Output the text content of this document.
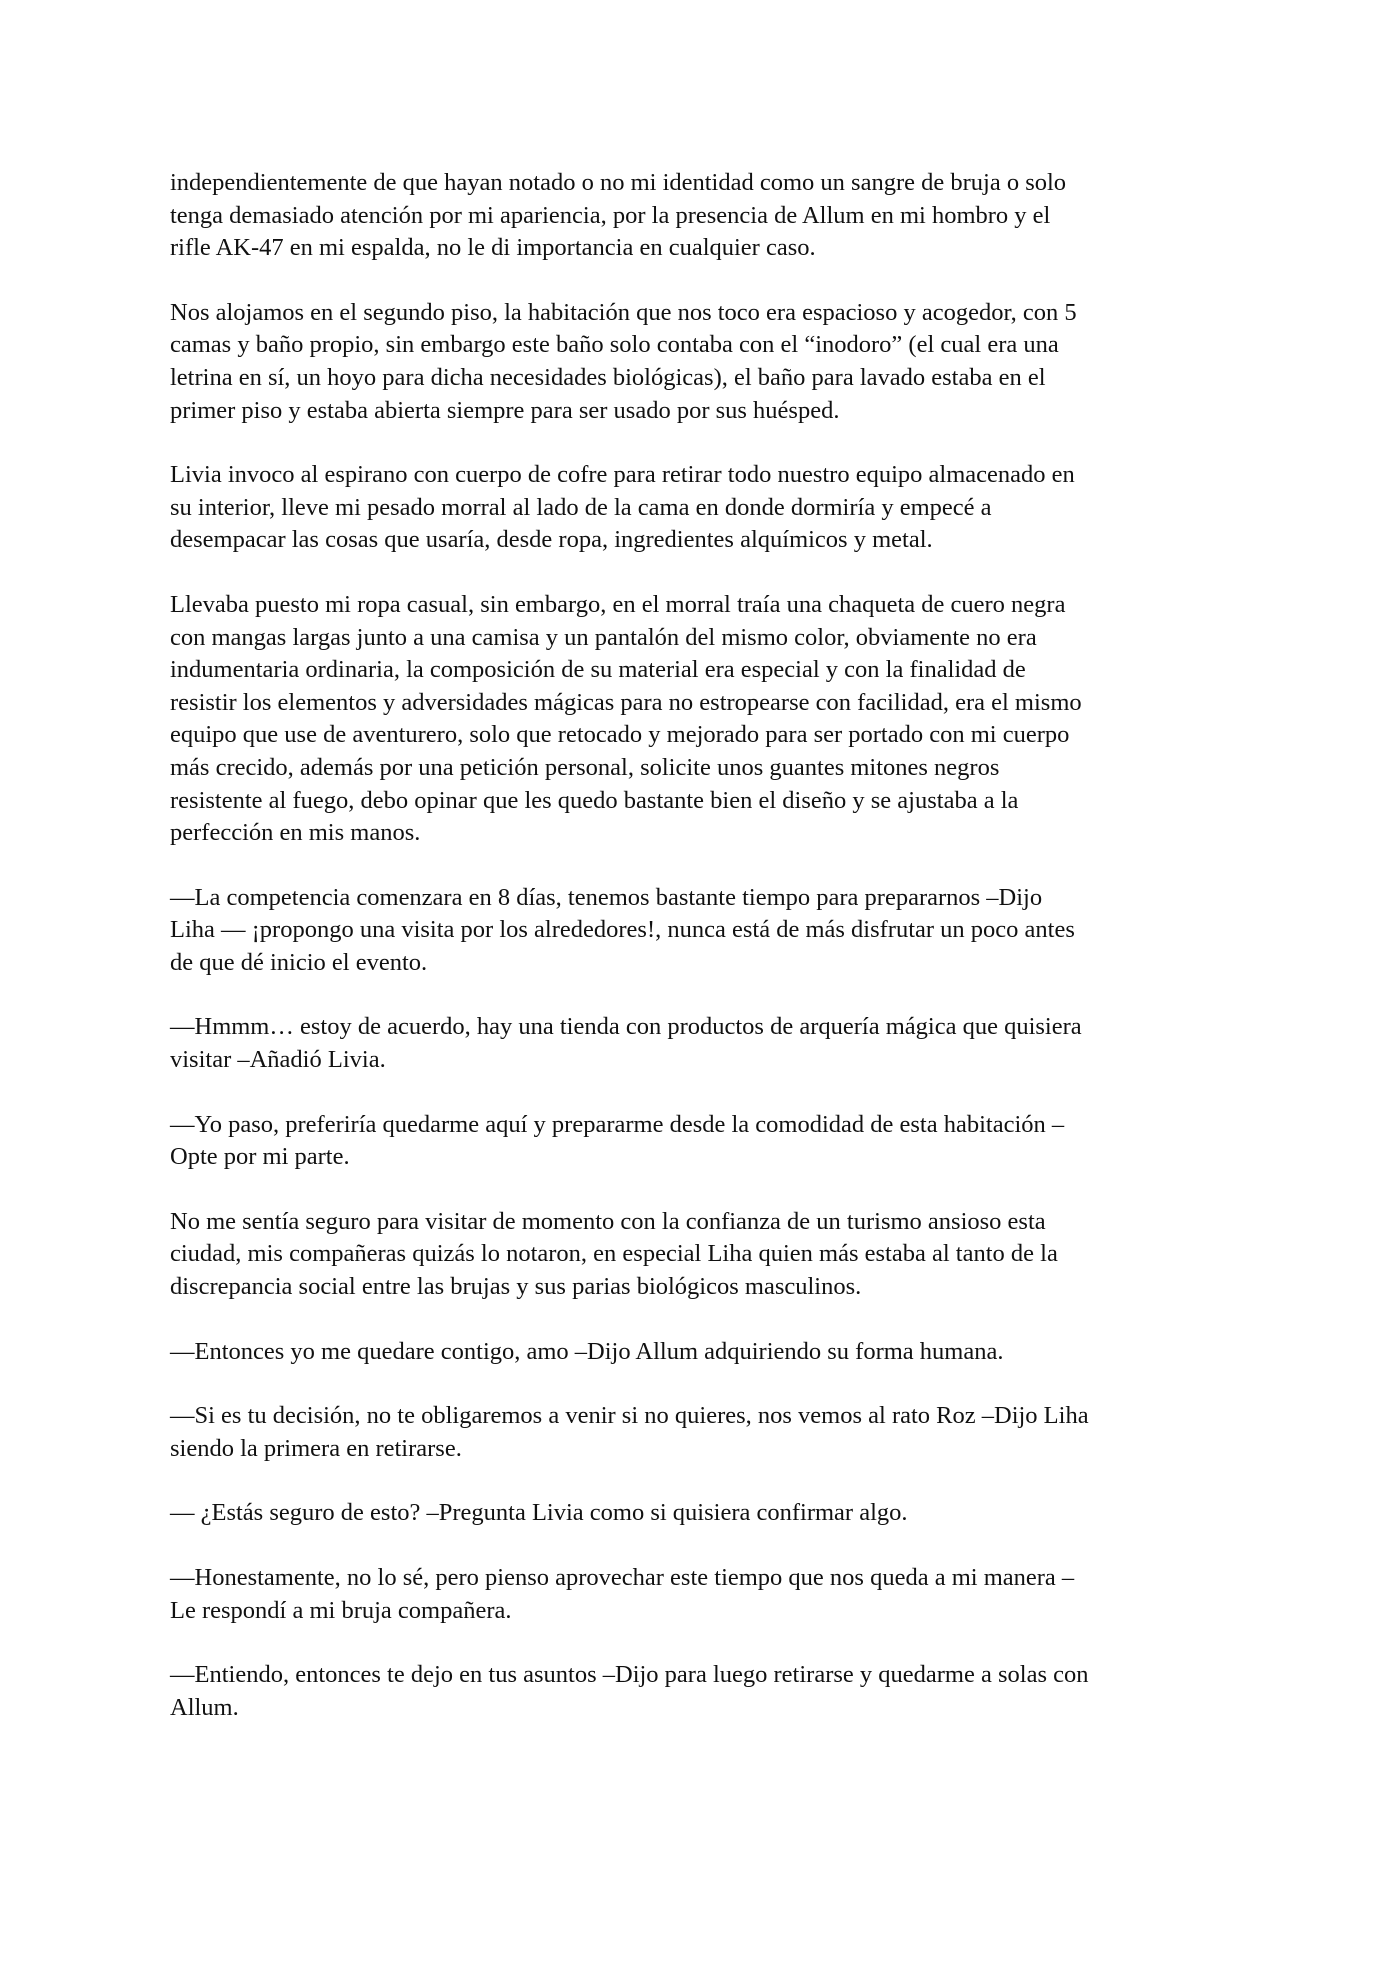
independientemente de que hayan notado o no mi identidad como un sangre de bruja o solo
tenga demasiado atención por mi apariencia, por la presencia de Allum en mi hombro y el
rifle AK-47 en mi espalda, no le di importancia en cualquier caso.

Nos alojamos en el segundo piso, la habitación que nos toco era espacioso y acogedor, con 5
camas y baño propio, sin embargo este baño solo contaba con el “inodoro” (el cual era una
letrina en sí, un hoyo para dicha necesidades biológicas), el baño para lavado estaba en el
primer piso y estaba abierta siempre para ser usado por sus huésped.

Livia invoco al espirano con cuerpo de cofre para retirar todo nuestro equipo almacenado en
su interior, lleve mi pesado morral al lado de la cama en donde dormiría y empecé a
desempacar las cosas que usaría, desde ropa, ingredientes alquímicos y metal.

Llevaba puesto mi ropa casual, sin embargo, en el morral traía una chaqueta de cuero negra
con mangas largas junto a una camisa y un pantalón del mismo color, obviamente no era
indumentaria ordinaria, la composición de su material era especial y con la finalidad de
resistir los elementos y adversidades mágicas para no estropearse con facilidad, era el mismo
equipo que use de aventurero, solo que retocado y mejorado para ser portado con mi cuerpo
más crecido, además por una petición personal, solicite unos guantes mitones negros
resistente al fuego, debo opinar que les quedo bastante bien el diseño y se ajustaba a la
perfección en mis manos.

—La competencia comenzara en 8 días, tenemos bastante tiempo para prepararnos –Dijo
Liha — ¡propongo una visita por los alrededores!, nunca está de más disfrutar un poco antes
de que dé inicio el evento.

—Hmmm… estoy de acuerdo, hay una tienda con productos de arquería mágica que quisiera
visitar –Añadió Livia.

—Yo paso, preferiría quedarme aquí y prepararme desde la comodidad de esta habitación –
Opte por mi parte.

No me sentía seguro para visitar de momento con la confianza de un turismo ansioso esta
ciudad, mis compañeras quizás lo notaron, en especial Liha quien más estaba al tanto de la
discrepancia social entre las brujas y sus parias biológicos masculinos.

—Entonces yo me quedare contigo, amo –Dijo Allum adquiriendo su forma humana.

—Si es tu decisión, no te obligaremos a venir si no quieres, nos vemos al rato Roz –Dijo Liha
siendo la primera en retirarse.

— ¿Estás seguro de esto? –Pregunta Livia como si quisiera confirmar algo.

—Honestamente, no lo sé, pero pienso aprovechar este tiempo que nos queda a mi manera –
Le respondí a mi bruja compañera.

—Entiendo, entonces te dejo en tus asuntos –Dijo para luego retirarse y quedarme a solas con
Allum.
